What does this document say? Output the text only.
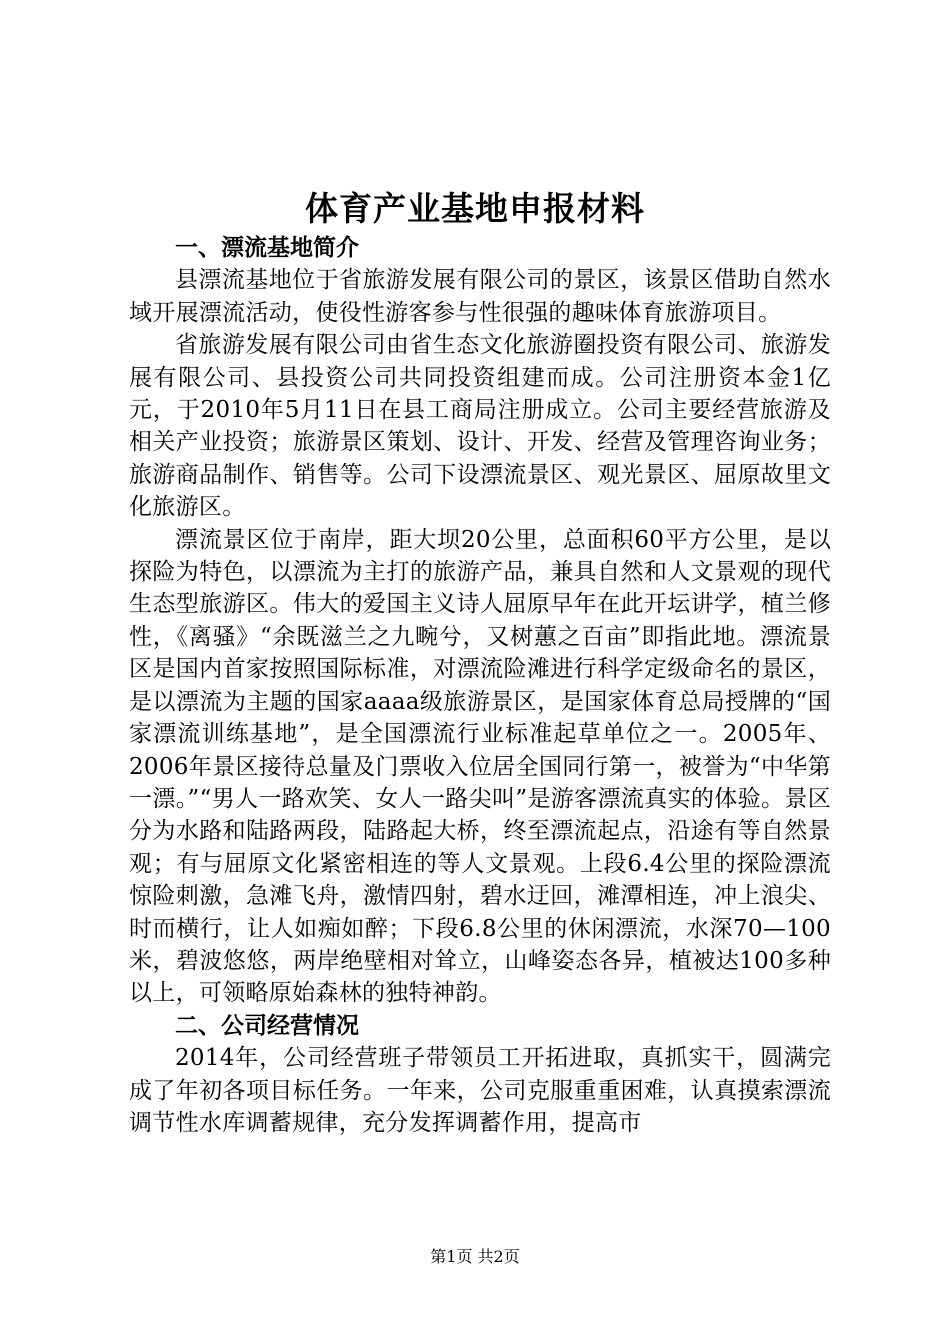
体育产业基地申报材料

一、漂流基地简介

县漂流基地位于省旅游发展有限公司的景区，该景区借助自然水域开展漂流活动，使役性游客参与性很强的趣味体育旅游项目。

省旅游发展有限公司由省生态文化旅游圈投资有限公司、旅游发展有限公司、县投资公司共同投资组建而成。公司注册资本金1亿元，于2010年5月11日在县工商局注册成立。公司主要经营旅游及相关产业投资；旅游景区策划、设计、开发、经营及管理咨询业务；旅游商品制作、销售等。公司下设漂流景区、观光景区、屈原故里文化旅游区。

漂流景区位于南岸，距大坝20公里，总面积60平方公里，是以探险为特色，以漂流为主打的旅游产品，兼具自然和人文景观的现代生态型旅游区。伟大的爱国主义诗人屈原早年在此开坛讲学，植兰修性，《离骚》“余既滋兰之九畹兮，又树蕙之百亩”即指此地。漂流景区是国内首家按照国际标准，对漂流险滩进行科学定级命名的景区，是以漂流为主题的国家aaaa级旅游景区，是国家体育总局授牌的“国家漂流训练基地”，是全国漂流行业标准起草单位之一。2005年、2006年景区接待总量及门票收入位居全国同行第一，被誉为“中华第一漂。”“男人一路欢笑、女人一路尖叫”是游客漂流真实的体验。景区分为水路和陆路两段，陆路起大桥，终至漂流起点，沿途有等自然景观；有与屈原文化紧密相连的等人文景观。上段6.4公里的探险漂流惊险刺激，急滩飞舟，激情四射，碧水迂回，滩潭相连，冲上浪尖、时而横行，让人如痴如醉；下段6.8公里的休闲漂流，水深70—100米，碧波悠悠，两岸绝壁相对耸立，山峰姿态各异，植被达100多种以上，可领略原始森林的独特神韵。

二、公司经营情况

2014年，公司经营班子带领员工开拓进取，真抓实干，圆满完成了年初各项目标任务。一年来，公司克服重重困难，认真摸索漂流调节性水库调蓄规律，充分发挥调蓄作用，提高市

第1页 共2页
